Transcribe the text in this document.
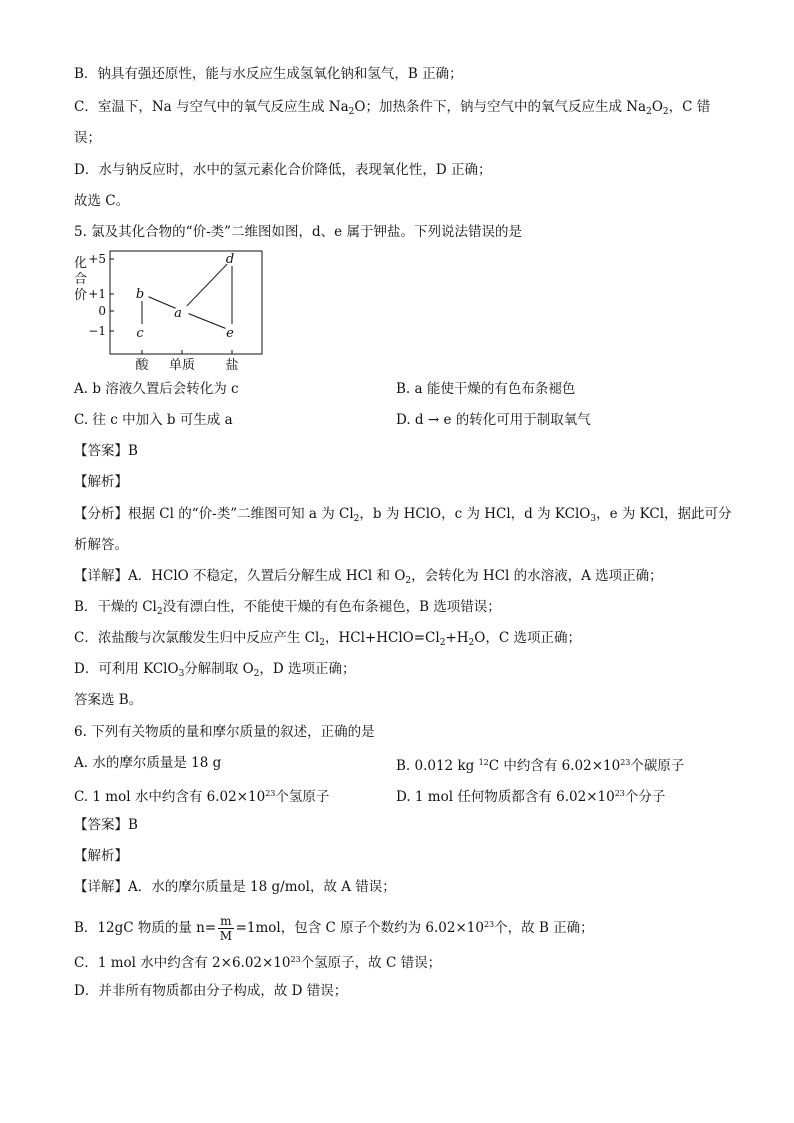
B．钠具有强还原性，能与水反应生成氢氧化钠和氢气，B 正确；
C．室温下，Na 与空气中的氧气反应生成 $Na_2O$；加热条件下，钠与空气中的氧气反应生成 $Na_2O_2$，C 错
误；
D．水与钠反应时，水中的氢元素化合价降低，表现氧化性，D 正确；
故选 C。
5. 氯及其化合物的“价-类”二维图如图，d、e 属于钾盐。下列说法错误的是
化
合
价
+5
+1
0
−1
酸 单质 盐
b
c
a
d
e
A. b 溶液久置后会转化为 c	B. a 能使干燥的有色布条褪色
C. 往 c 中加入 b 可生成 a	D. d → e 的转化可用于制取氧气
【答案】B
【解析】
【分析】根据 Cl 的“价-类”二维图可知 a 为 $Cl_2$，b 为 HClO，c 为 HCl，d 为 KClO$_3$，e 为 KCl，据此可分
析解答。
【详解】A．HClO 不稳定，久置后分解生成 HCl 和 $O_2$，会转化为 HCl 的水溶液，A 选项正确；
B．干燥的 $Cl_2$没有漂白性，不能使干燥的有色布条褪色，B 选项错误；
C．浓盐酸与次氯酸发生归中反应产生 $Cl_2$，$HCl+HClO=Cl_2+H_2O$，C 选项正确；
D．可利用 KClO$_3$分解制取 $O_2$，D 选项正确；
答案选 B。
6. 下列有关物质的量和摩尔质量的叙述，正确的是
A. 水的摩尔质量是 18 g	B. 0.012 kg $^{12}$C 中约含有 $6.02\times 10^{23}$个碳原子
C. 1 mol 水中约含有 $6.02\times 10^{23}$个氢原子	D. 1 mol 任何物质都含有 $6.02\times 10^{23}$个分子
【答案】B
【解析】
【详解】A．水的摩尔质量是 18 g/mol，故 A 错误；
B．12gC 物质的量 $n= \frac{m}{M} =1mol$，包含 C 原子个数约为 $6.02\times 10^{23}$个，故 B 正确；
C．1 mol 水中约含有 $2\times 6.02\times 10^{23}$个氢原子，故 C 错误；
D．并非所有物质都由分子构成，故 D 错误；
